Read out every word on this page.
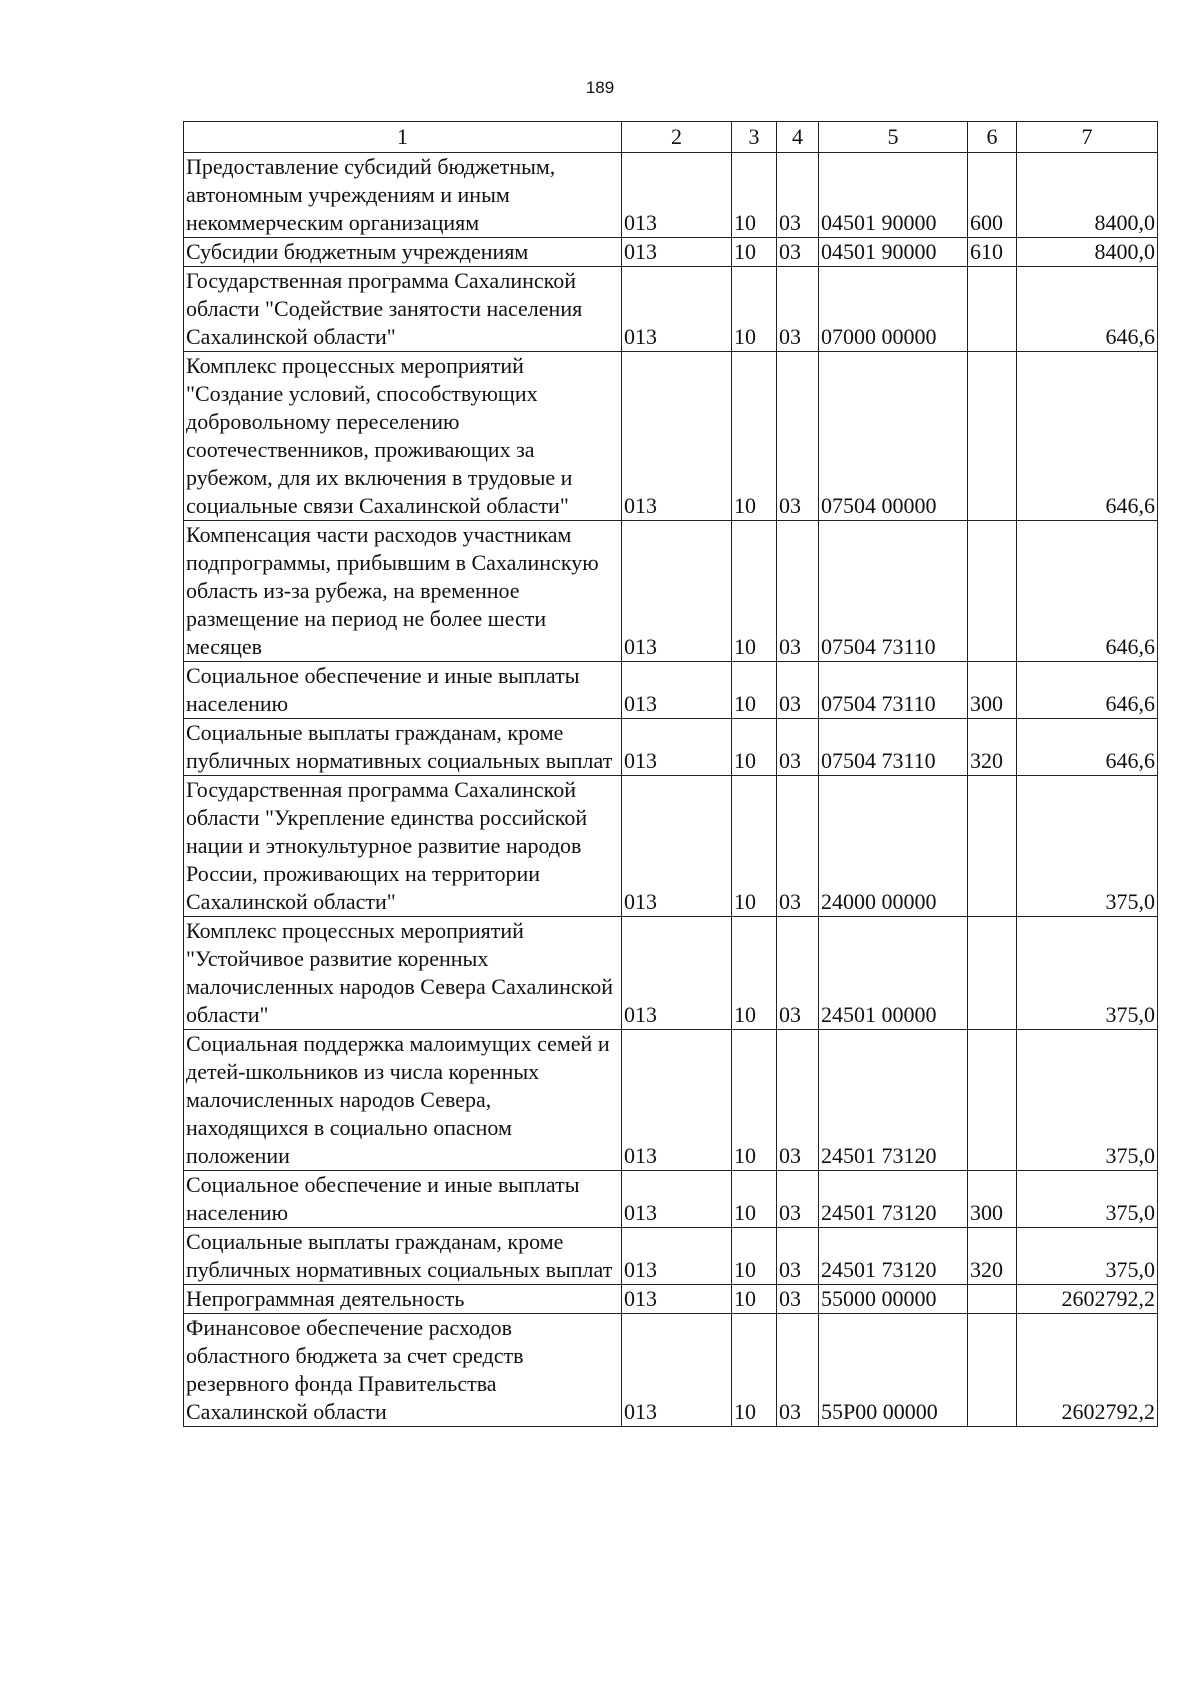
189
1	2	3	4	5	6	7
Предоставление субсидий бюджетным, автономным учреждениям и иным некоммерческим организациям	013	10	03	04501 90000	600	8400,0
Субсидии бюджетным учреждениям	013	10	03	04501 90000	610	8400,0
Государственная программа Сахалинской области "Содействие занятости населения Сахалинской области"	013	10	03	07000 00000		646,6
Комплекс процессных мероприятий "Создание условий, способствующих добровольному переселению соотечественников, проживающих за рубежом, для их включения в трудовые и социальные связи Сахалинской области"	013	10	03	07504 00000		646,6
Компенсация части расходов участникам подпрограммы, прибывшим в Сахалинскую область из-за рубежа, на временное размещение на период не более шести месяцев	013	10	03	07504 73110		646,6
Социальное обеспечение и иные выплаты населению	013	10	03	07504 73110	300	646,6
Социальные выплаты гражданам, кроме публичных нормативных социальных выплат	013	10	03	07504 73110	320	646,6
Государственная программа Сахалинской области "Укрепление единства российской нации и этнокультурное развитие народов России, проживающих на территории Сахалинской области"	013	10	03	24000 00000		375,0
Комплекс процессных мероприятий "Устойчивое развитие коренных малочисленных народов Севера Сахалинской области"	013	10	03	24501 00000		375,0
Социальная поддержка малоимущих семей и детей-школьников из числа коренных малочисленных народов Севера, находящихся в социально опасном положении	013	10	03	24501 73120		375,0
Социальное обеспечение и иные выплаты населению	013	10	03	24501 73120	300	375,0
Социальные выплаты гражданам, кроме публичных нормативных социальных выплат	013	10	03	24501 73120	320	375,0
Непрограммная деятельность	013	10	03	55000 00000		2602792,2
Финансовое обеспечение расходов областного бюджета за счет средств резервного фонда Правительства Сахалинской области	013	10	03	55Р00 00000		2602792,2
